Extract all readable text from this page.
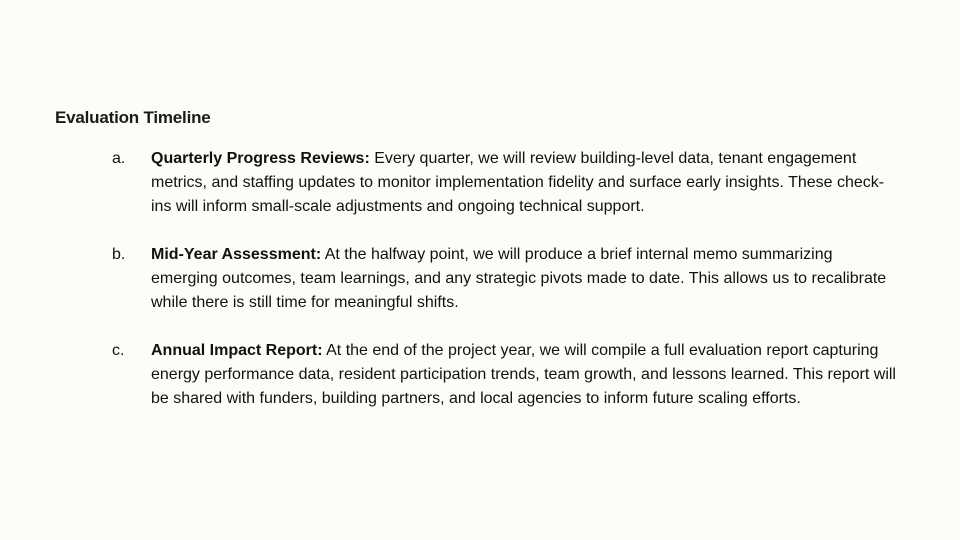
Evaluation Timeline
a. Quarterly Progress Reviews: Every quarter, we will review building-level data, tenant engagement metrics, and staffing updates to monitor implementation fidelity and surface early insights. These check-ins will inform small-scale adjustments and ongoing technical support.
b. Mid-Year Assessment: At the halfway point, we will produce a brief internal memo summarizing emerging outcomes, team learnings, and any strategic pivots made to date. This allows us to recalibrate while there is still time for meaningful shifts.
c. Annual Impact Report: At the end of the project year, we will compile a full evaluation report capturing energy performance data, resident participation trends, team growth, and lessons learned. This report will be shared with funders, building partners, and local agencies to inform future scaling efforts.
